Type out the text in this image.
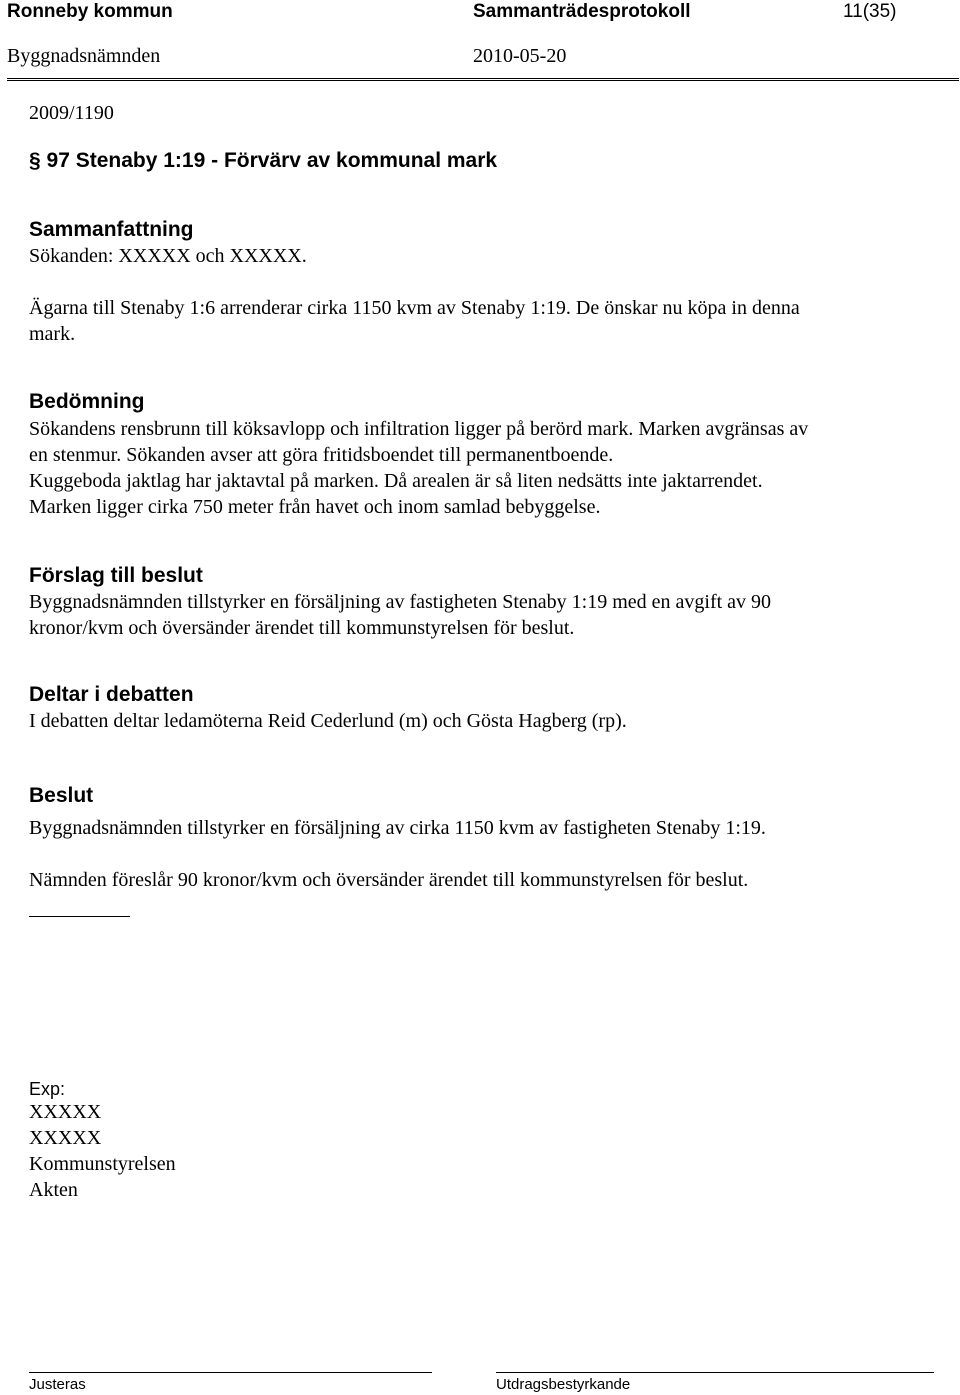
Ronneby kommun	Sammanträdesprotokoll	11(35)
Byggnadsnämnden	2010-05-20
2009/1190
§ 97 Stenaby 1:19 - Förvärv av kommunal mark
Sammanfattning
Sökanden: XXXXX och XXXXX.
Ägarna till Stenaby 1:6 arrenderar cirka 1150 kvm av Stenaby 1:19. De önskar nu köpa in denna
mark.
Bedömning
Sökandens rensbrunn till köksavlopp och infiltration ligger på berörd mark. Marken avgränsas av
en stenmur. Sökanden avser att göra fritidsboendet till permanentboende.
Kuggeboda jaktlag har jaktavtal på marken. Då arealen är så liten nedsätts inte jaktarrendet.
Marken ligger cirka 750 meter från havet och inom samlad bebyggelse.
Förslag till beslut
Byggnadsnämnden tillstyrker en försäljning av fastigheten Stenaby 1:19 med en avgift av 90
kronor/kvm och översänder ärendet till kommunstyrelsen för beslut.
Deltar i debatten
I debatten deltar ledamöterna Reid Cederlund (m) och Gösta Hagberg (rp).
Beslut
Byggnadsnämnden tillstyrker en försäljning av cirka 1150 kvm av fastigheten Stenaby 1:19.
Nämnden föreslår 90 kronor/kvm och översänder ärendet till kommunstyrelsen för beslut.
Exp:
XXXXX
XXXXX
Kommunstyrelsen
Akten
Justeras	Utdragsbestyrkande
